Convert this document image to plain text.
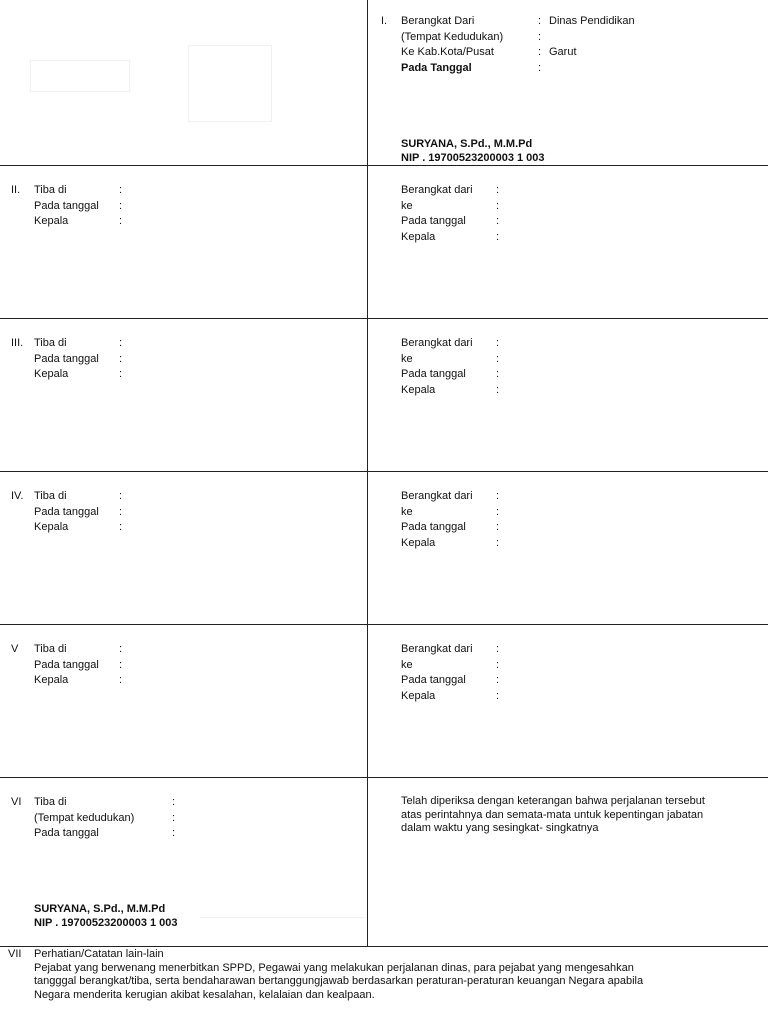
I.	Berangkat Dari	: Dinas Pendidikan
(Tempat Kedudukan)	:
Ke Kab.Kota/Pusat	: Garut
Pada Tanggal	:
SURYANA, S.Pd., M.M.Pd
NIP . 19700523200003 1 003
II.	Tiba di	:
Pada tanggal	:
Kepala	:
III. Tiba di	:
Pada tanggal	:
Kepala	:
IV. Tiba di	:
Pada tanggal	:
Kepala	:
V	Tiba di	:
Pada tanggal	:
Kepala	:
Berangkat dari	:
ke	:
Pada tanggal	:
Kepala	:
Berangkat dari	:
ke	:
Pada tanggal	:
Kepala	:
Berangkat dari	:
ke	:
Pada tanggal	:
Kepala	:
Berangkat dari	:
ke	:
Pada tanggal	:
Kepala	:
VI	Tiba di	:
(Tempat kedudukan)	:
Pada tanggal	:
SURYANA, S.Pd., M.M.Pd
NIP . 19700523200003 1 003
Telah diperiksa dengan keterangan bahwa perjalanan tersebut
atas perintahnya dan semata-mata untuk kepentingan jabatan
dalam waktu yang sesingkat- singkatnya
VII	Perhatian/Catatan lain-lain
Pejabat yang berwenang menerbitkan SPPD, Pegawai yang melakukan perjalanan dinas, para pejabat yang mengesahkan
tangggal berangkat/tiba, serta bendaharawan bertanggungjawab berdasarkan peraturan-peraturan keuangan Negara apabila
Negara menderita kerugian akibat kesalahan, kelalaian dan kealpaan.
